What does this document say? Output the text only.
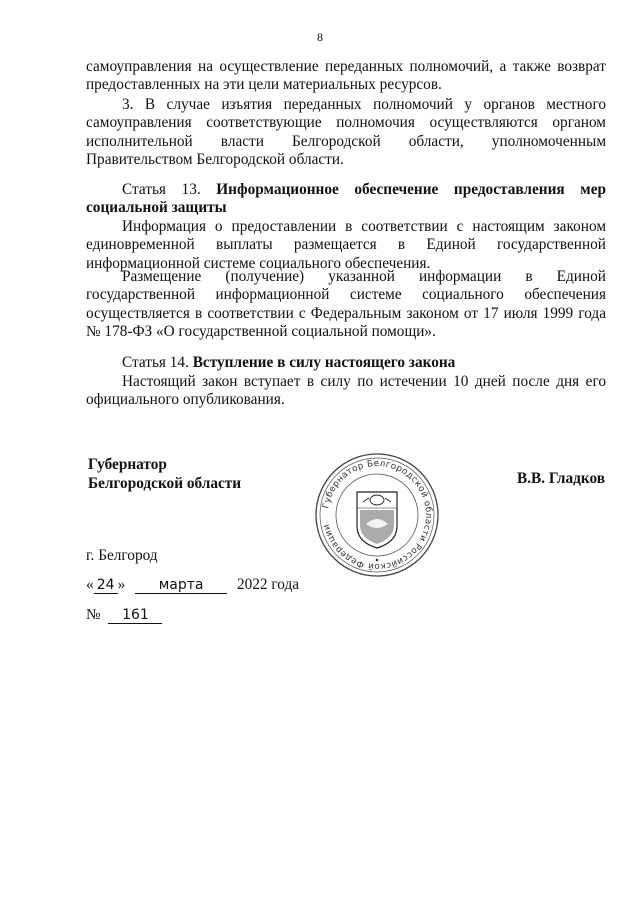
8

самоуправления на осуществление переданных полномочий, а также возврат предоставленных на эти цели материальных ресурсов.

3. В случае изъятия переданных полномочий у органов местного самоуправления соответствующие полномочия осуществляются органом исполнительной власти Белгородской области, уполномоченным Правительством Белгородской области.

Статья 13. Информационное обеспечение предоставления мер социальной защиты

Информация о предоставлении в соответствии с настоящим законом единовременной выплаты размещается в Единой государственной информационной системе социального обеспечения.

Размещение (получение) указанной информации в Единой государственной информационной системе социального обеспечения осуществляется в соответствии с Федеральным законом от 17 июля 1999 года № 178-ФЗ «О государственной социальной помощи».

Статья 14. Вступление в силу настоящего закона

Настоящий закон вступает в силу по истечении 10 дней после дня его официального опубликования.

Губернатор
Белгородской области
Губернатор Белгородской области Российской Федерации
В.В. Гладков
г. Белгород
« 24 » марта 2022 года
№ 161
